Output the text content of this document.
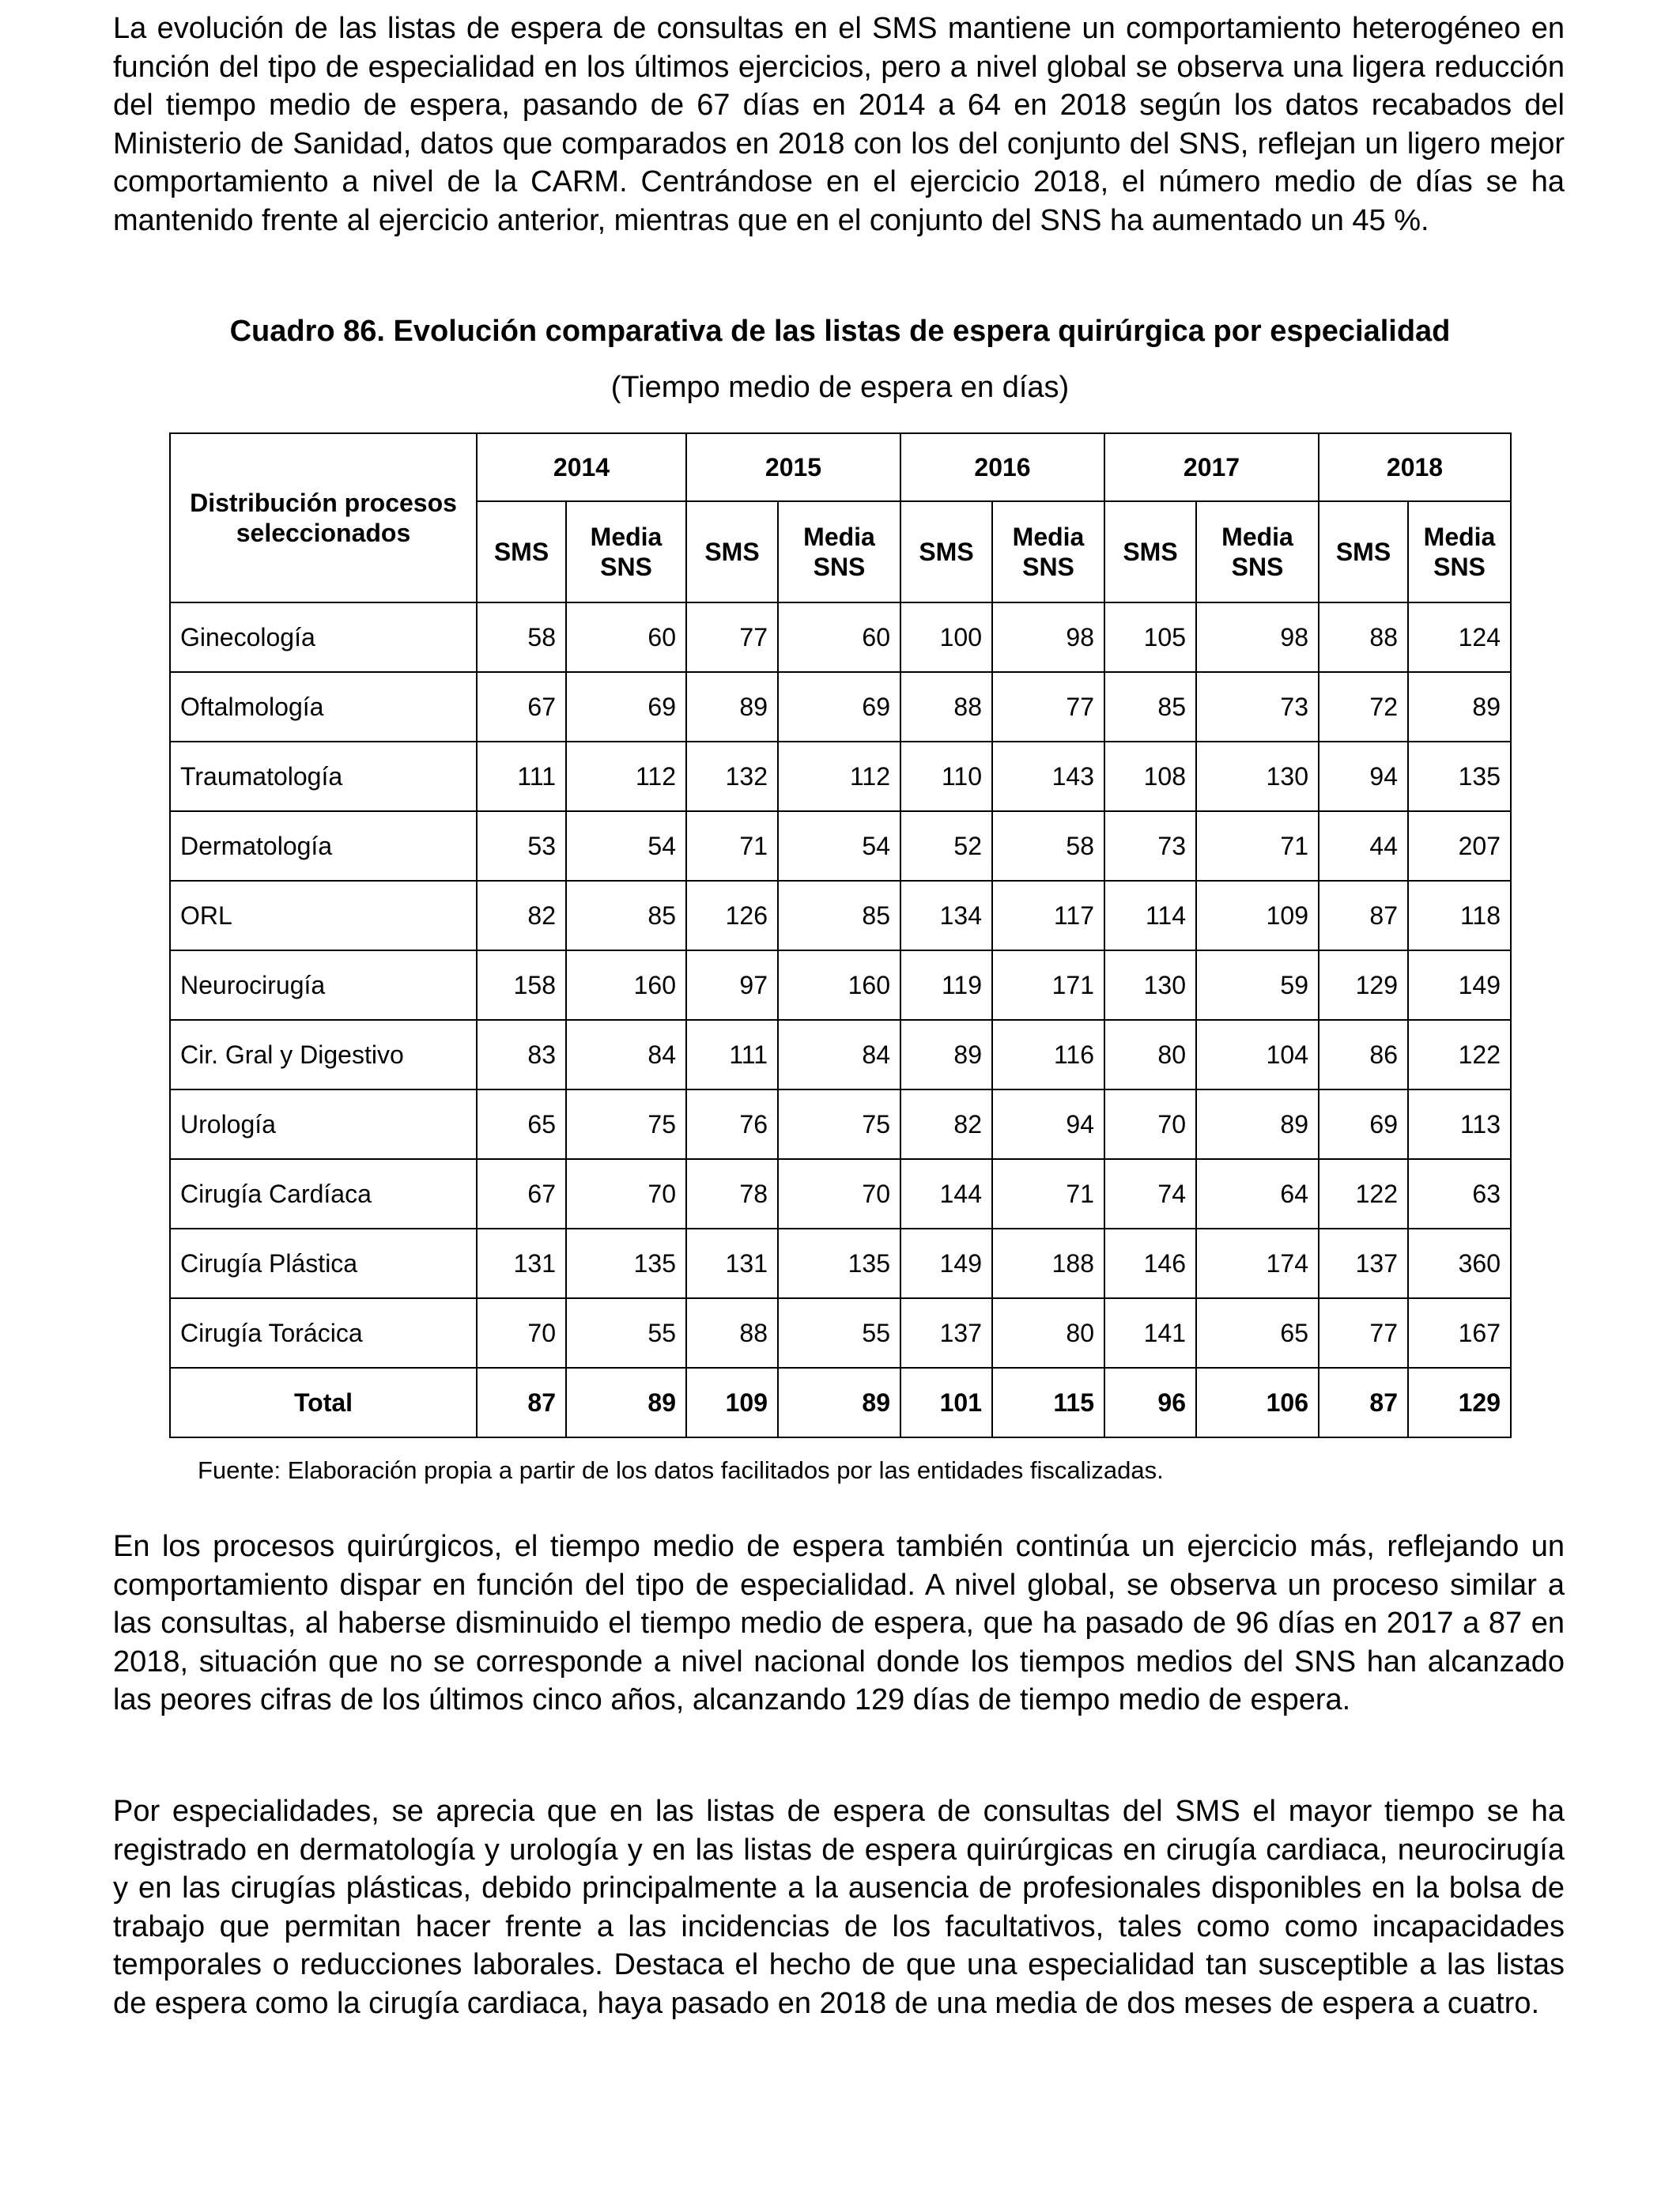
La evolución de las listas de espera de consultas en el SMS mantiene un comportamiento heterogéneo en función del tipo de especialidad en los últimos ejercicios, pero a nivel global se observa una ligera reducción del tiempo medio de espera, pasando de 67 días en 2014 a 64 en 2018 según los datos recabados del Ministerio de Sanidad, datos que comparados en 2018 con los del conjunto del SNS, reflejan un ligero mejor comportamiento a nivel de la CARM. Centrándose en el ejercicio 2018, el número medio de días se ha mantenido frente al ejercicio anterior, mientras que en el conjunto del SNS ha aumentado un 45 %.

Cuadro 86. Evolución comparativa de las listas de espera quirúrgica por especialidad

(Tiempo medio de espera en días)

Distribución procesos seleccionados	2014		2015		2016		2017		2018	
	SMS	Media SNS	SMS	Media SNS	SMS	Media SNS	SMS	Media SNS	SMS	Media SNS
Ginecología	58	60	77	60	100	98	105	98	88	124
Oftalmología	67	69	89	69	88	77	85	73	72	89
Traumatología	111	112	132	112	110	143	108	130	94	135
Dermatología	53	54	71	54	52	58	73	71	44	207
ORL	82	85	126	85	134	117	114	109	87	118
Neurocirugía	158	160	97	160	119	171	130	59	129	149
Cir. Gral y Digestivo	83	84	111	84	89	116	80	104	86	122
Urología	65	75	76	75	82	94	70	89	69	113
Cirugía Cardíaca	67	70	78	70	144	71	74	64	122	63
Cirugía Plástica	131	135	131	135	149	188	146	174	137	360
Cirugía Torácica	70	55	88	55	137	80	141	65	77	167
Total	87	89	109	89	101	115	96	106	87	129

Fuente: Elaboración propia a partir de los datos facilitados por las entidades fiscalizadas.

En los procesos quirúrgicos, el tiempo medio de espera también continúa un ejercicio más, reflejando un comportamiento dispar en función del tipo de especialidad. A nivel global, se observa un proceso similar a las consultas, al haberse disminuido el tiempo medio de espera, que ha pasado de 96 días en 2017 a 87 en 2018, situación que no se corresponde a nivel nacional donde los tiempos medios del SNS han alcanzado las peores cifras de los últimos cinco años, alcanzando 129 días de tiempo medio de espera.

Por especialidades, se aprecia que en las listas de espera de consultas del SMS el mayor tiempo se ha registrado en dermatología y urología y en las listas de espera quirúrgicas en cirugía cardiaca, neurocirugía y en las cirugías plásticas, debido principalmente a la ausencia de profesionales disponibles en la bolsa de trabajo que permitan hacer frente a las incidencias de los facultativos, tales como como incapacidades temporales o reducciones laborales. Destaca el hecho de que una especialidad tan susceptible a las listas de espera como la cirugía cardiaca, haya pasado en 2018 de una media de dos meses de espera a cuatro.
